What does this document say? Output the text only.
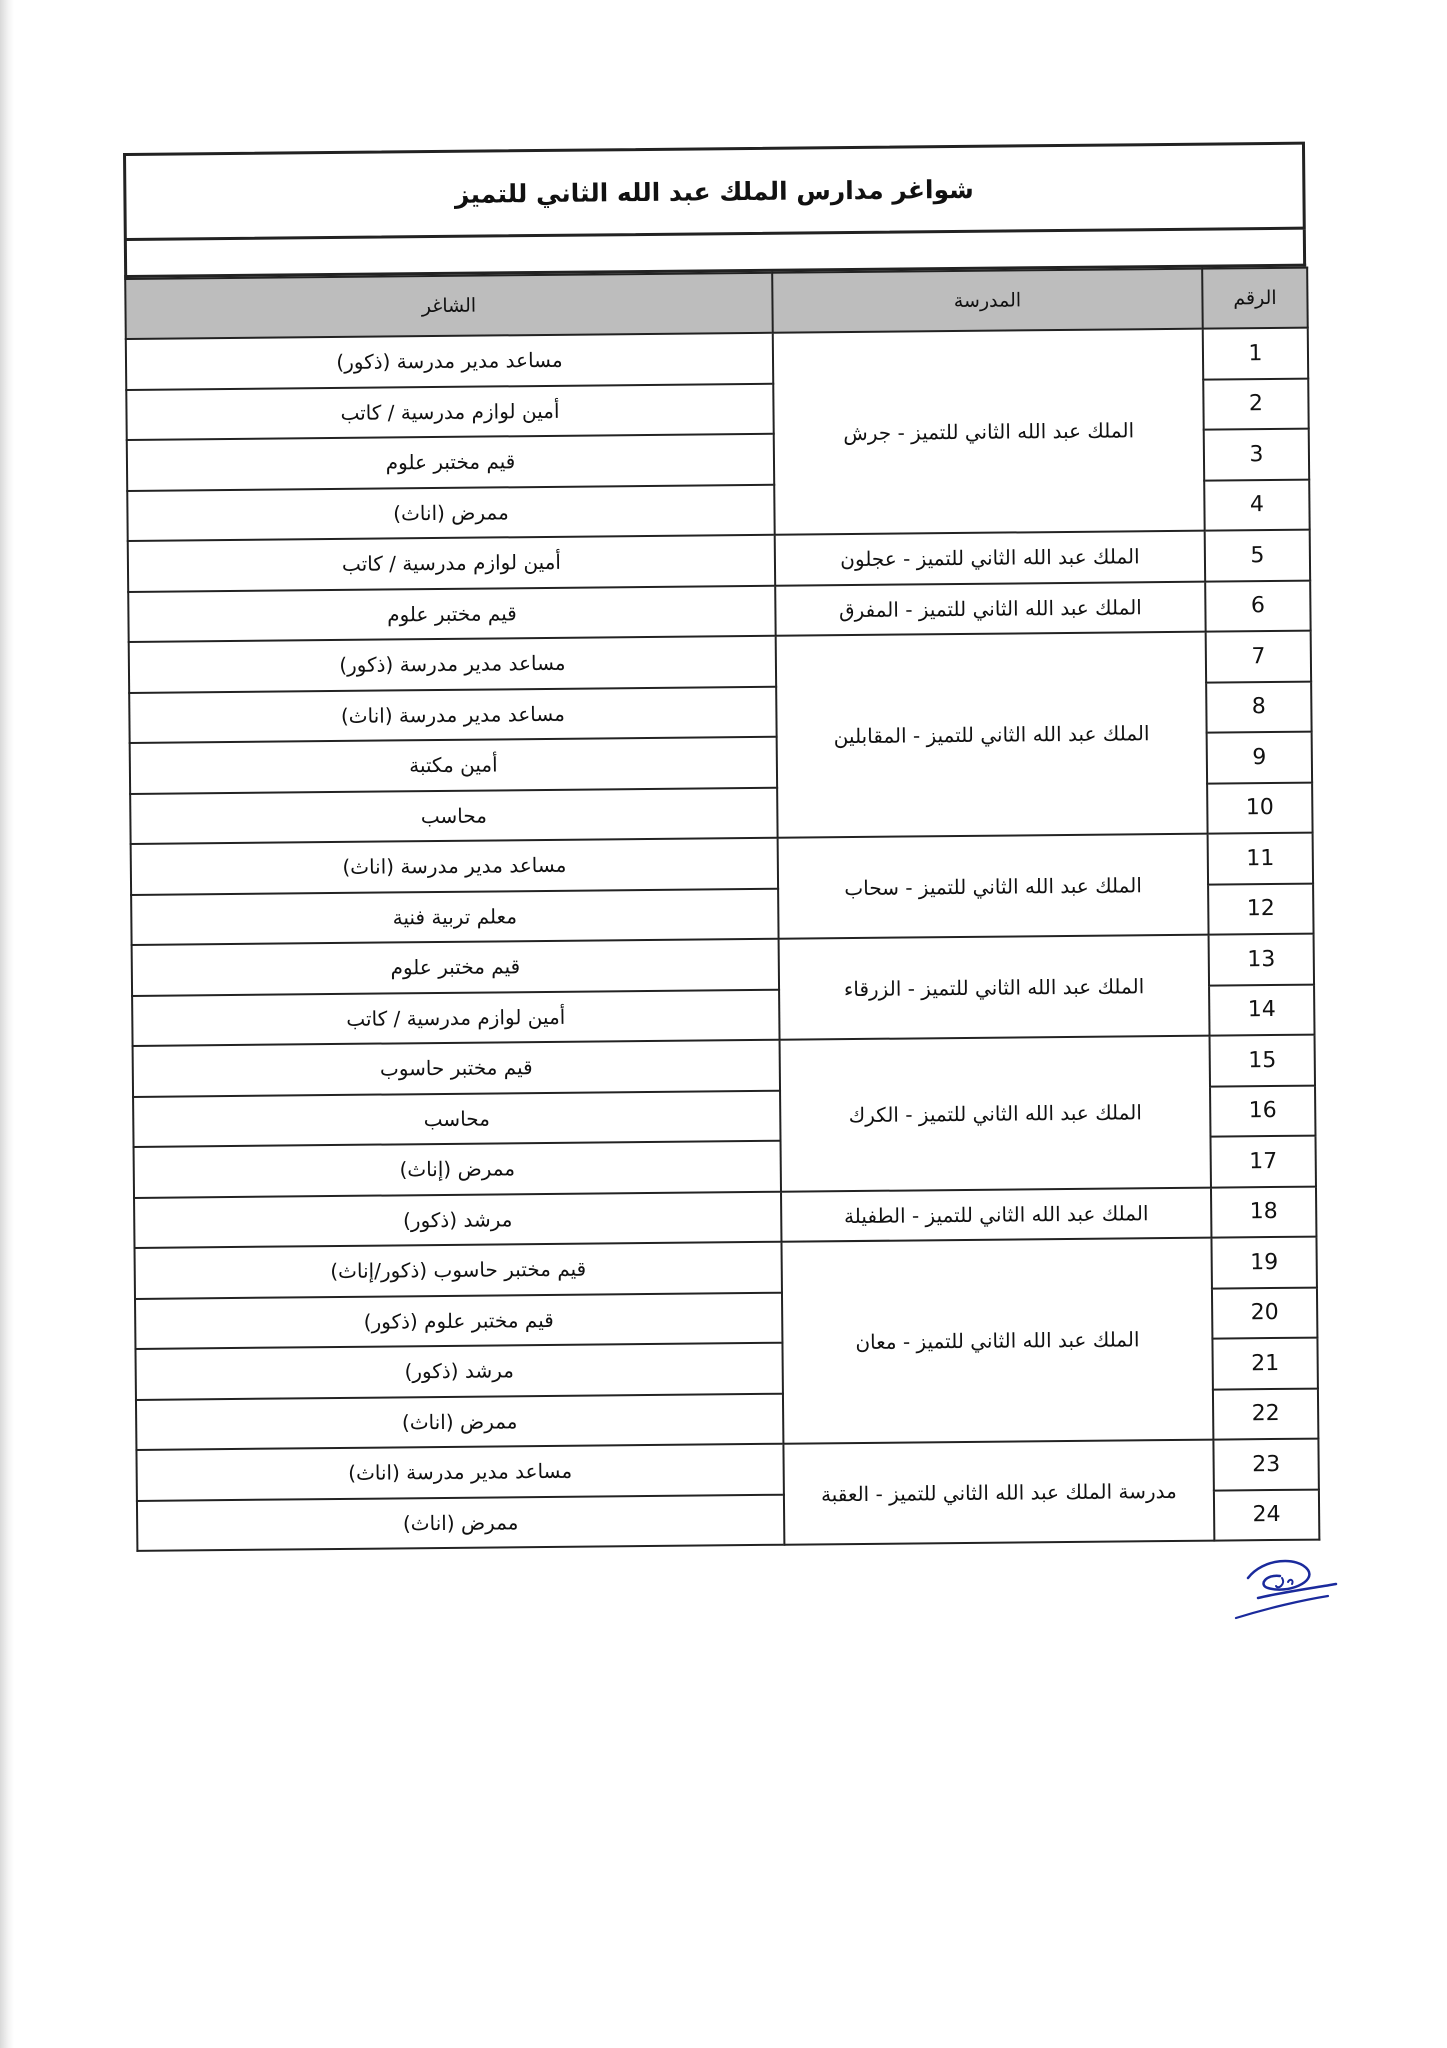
شواغر مدارس الملك عبد الله الثاني للتميز
الرقم	المدرسة	الشاغر
1	الملك عبد الله الثاني للتميز - جرش	مساعد مدير مدرسة (ذكور)
2		أمين لوازم مدرسية / كاتب
3		قيم مختبر علوم
4		ممرض (اناث)
5	الملك عبد الله الثاني للتميز - عجلون	أمين لوازم مدرسية / كاتب
6	الملك عبد الله الثاني للتميز - المفرق	قيم مختبر علوم
7	الملك عبد الله الثاني للتميز - المقابلين	مساعد مدير مدرسة (ذكور)
8		مساعد مدير مدرسة (اناث)
9		أمين مكتبة
10		محاسب
11	الملك عبد الله الثاني للتميز - سحاب	مساعد مدير مدرسة (اناث)
12		معلم تربية فنية
13	الملك عبد الله الثاني للتميز - الزرقاء	قيم مختبر علوم
14		أمين لوازم مدرسية / كاتب
15	الملك عبد الله الثاني للتميز - الكرك	قيم مختبر حاسوب
16		محاسب
17		ممرض (إناث)
18	الملك عبد الله الثاني للتميز - الطفيلة	مرشد (ذكور)
19	الملك عبد الله الثاني للتميز - معان	قيم مختبر حاسوب (ذكور/إناث)
20		قيم مختبر علوم (ذكور)
21		مرشد (ذكور)
22		ممرض (اناث)
23	مدرسة الملك عبد الله الثاني للتميز - العقبة	مساعد مدير مدرسة (اناث)
24		ممرض (اناث)
